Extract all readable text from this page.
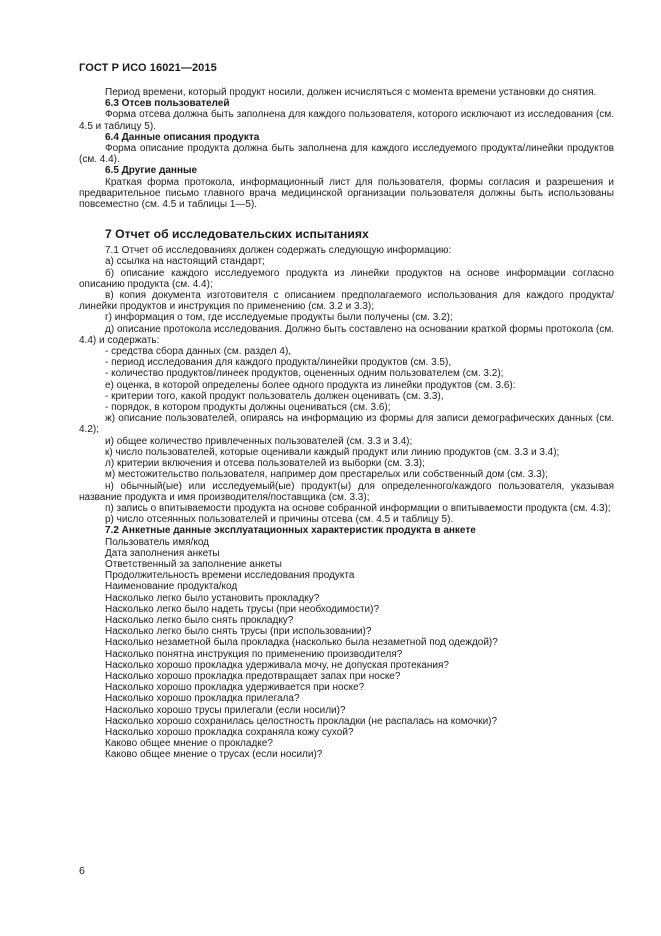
ГОСТ Р ИСО 16021—2015

Период времени, который продукт носили, должен исчисляться с момента времени установки до снятия.

6.3 Отсев пользователей

Форма отсева должна быть заполнена для каждого пользователя, которого исключают из исследования (см. 4.5 и таблицу 5).

6.4 Данные описания продукта

Форма описание продукта должна быть заполнена для каждого исследуемого продукта/линейки продуктов (см. 4.4).

6.5 Другие данные

Краткая форма протокола, информационный лист для пользователя, формы согласия и разрешения и предварительное письмо главного врача медицинской организации пользователя должны быть использованы повсеместно (см. 4.5 и таблицы 1—5).

7 Отчет об исследовательских испытаниях

7.1 Отчет об исследованиях должен содержать следующую информацию:

а) ссылка на настоящий стандарт;

б) описание каждого исследуемого продукта из линейки продуктов на основе информации согласно описанию продукта (см. 4.4);

в) копия документа изготовителя с описанием предполагаемого использования для каждого продукта/линейки продуктов и инструкция по применению (см. 3.2 и 3.3);

г) информация о том, где исследуемые продукты были получены (см. 3.2);

д) описание протокола исследования. Должно быть составлено на основании краткой формы протокола (см. 4.4) и содержать:

- средства сбора данных (см. раздел 4),

- период исследования для каждого продукта/линейки продуктов (см. 3.5),

- количество продуктов/линеек продуктов, оцененных одним пользователем (см. 3.2);

е) оценка, в которой определены более одного продукта из линейки продуктов (см. 3.6):

- критерии того, какой продукт пользователь должен оценивать (см. 3.3),

- порядок, в котором продукты должны оцениваться (см. 3.6);

ж) описание пользователей, опираясь на информацию из формы для записи демографических данных (см. 4.2);

и) общее количество привлеченных пользователей (см. 3.3 и 3.4);

к) число пользователей, которые оценивали каждый продукт или линию продуктов (см. 3.3 и 3.4);

л) критерии включения и отсева пользователей из выборки (см. 3.3);

м) местожительство пользователя, например дом престарелых или собственный дом (см. 3.3);

н) обычный(ые) или исследуемый(ые) продукт(ы) для определенного/каждого пользователя, указывая название продукта и имя производителя/поставщика (см. 3.3);

п) запись о впитываемости продукта на основе собранной информации о впитываемости продукта (см. 4.3);

р) число отсеянных пользователей и причины отсева (см. 4.5 и таблицу 5).

7.2 Анкетные данные эксплуатационных характеристик продукта в анкете

Пользователь имя/код

Дата заполнения анкеты

Ответственный за заполнение анкеты

Продолжительность времени исследования продукта

Наименование продукта/код

Насколько легко было установить прокладку?

Насколько легко было надеть трусы (при необходимости)?

Насколько легко было снять прокладку?

Насколько легко было снять трусы (при использовании)?

Насколько незаметной была прокладка (насколько была незаметной под одеждой)?

Насколько понятна инструкция по применению производителя?

Насколько хорошо прокладка удерживала мочу, не допуская протекания?

Насколько хорошо прокладка предотвращает запах при носке?

Насколько хорошо прокладка удерживается при носке?

Насколько хорошо прокладка прилегала?

Насколько хорошо трусы прилегали (если носили)?

Насколько хорошо сохранилась целостность прокладки (не распалась на комочки)?

Насколько хорошо прокладка сохраняла кожу сухой?

Каково общее мнение о прокладке?

Каково общее мнение о трусах (если носили)?

6
